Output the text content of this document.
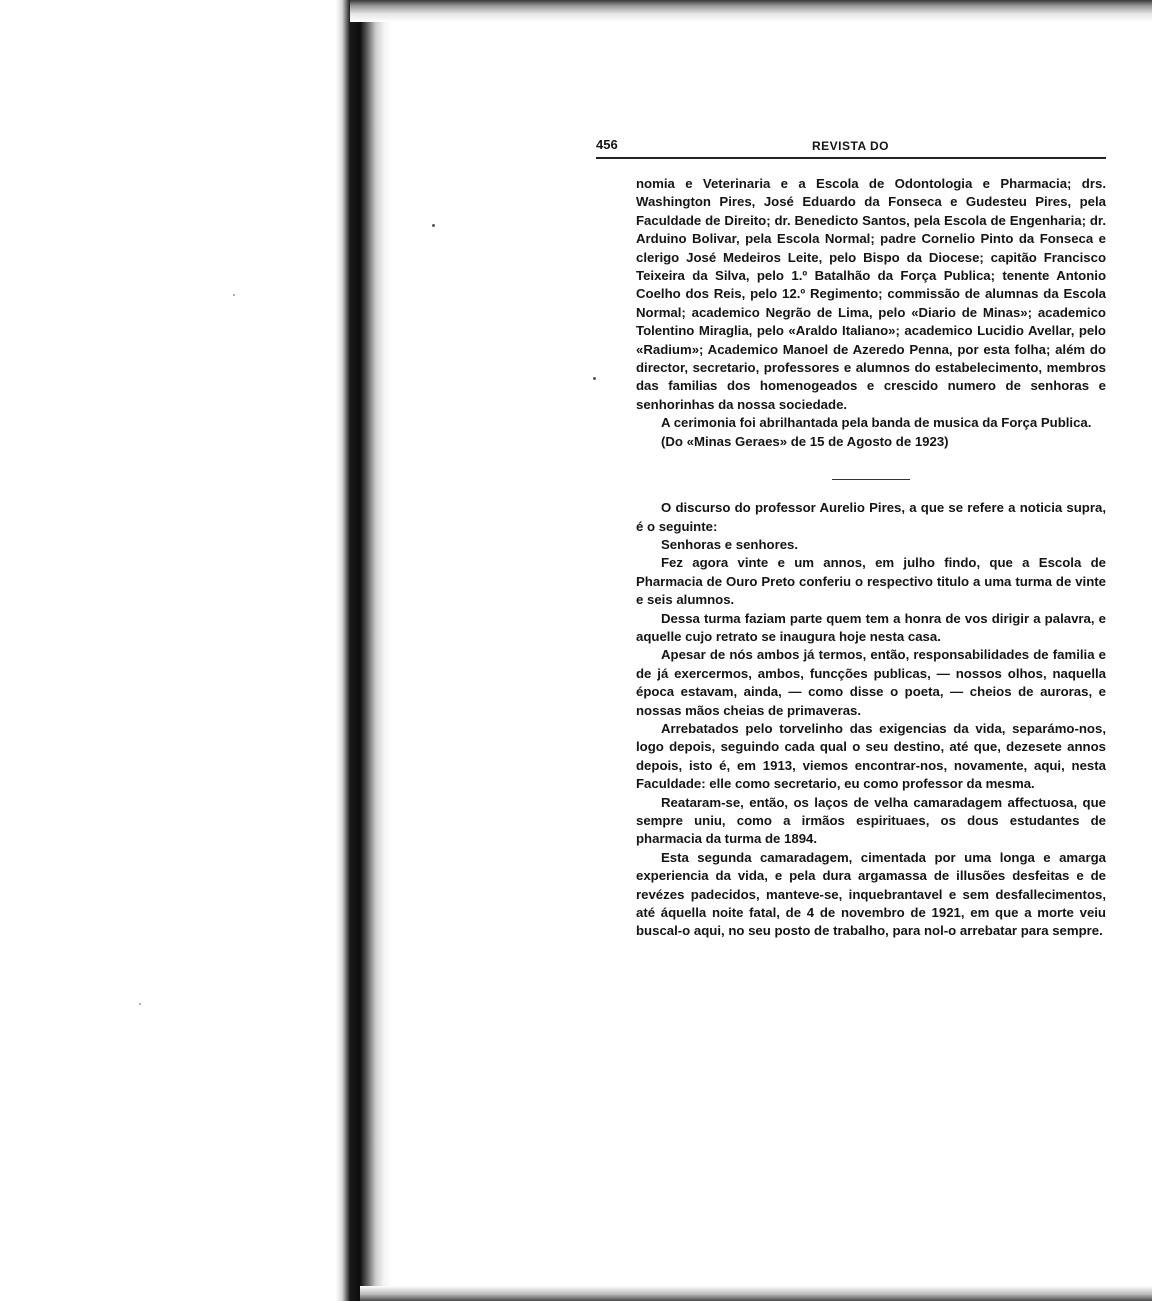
456	REVISTA DO

nomia e Veterinaria e a Escola de Odontologia e Pharmacia; drs. Washington Pires, José Eduardo da Fonseca e Gudesteu Pires, pela Faculdade de Direito; dr. Benedicto Santos, pela Escola de Engenharia; dr. Arduino Bolivar, pela Escola Normal; padre Cornelio Pinto da Fonseca e clerigo José Medeiros Leite, pelo Bispo da Diocese; capitão Francisco Teixeira da Silva, pelo 1.º Batalhão da Força Publica; tenente Antonio Coelho dos Reis, pelo 12.º Regimento; commissão de alumnas da Escola Normal; academico Negrão de Lima, pelo «Diario de Minas»; academico Tolentino Miraglia, pelo «Araldo Italiano»; academico Lucidio Avellar, pelo «Radium»; Academico Manoel de Azeredo Penna, por esta folha; além do director, secretario, professores e alumnos do estabelecimento, membros das familias dos homenogeados e crescido numero de senhoras e senhorinhas da nossa sociedade.

A cerimonia foi abrilhantada pela banda de musica da Força Publica.

(Do «Minas Geraes» de 15 de Agosto de 1923)

O discurso do professor Aurelio Pires, a que se refere a noticia supra, é o seguinte:

Senhoras e senhores.

Fez agora vinte e um annos, em julho findo, que a Escola de Pharmacia de Ouro Preto conferiu o respectivo titulo a uma turma de vinte e seis alumnos.

Dessa turma faziam parte quem tem a honra de vos dirigir a palavra, e aquelle cujo retrato se inaugura hoje nesta casa.

Apesar de nós ambos já termos, então, responsabilidades de familia e de já exercermos, ambos, funcções publicas, — nossos olhos, naquella época estavam, ainda, — como disse o poeta, — cheios de auroras, e nossas mãos cheias de primaveras.

Arrebatados pelo torvelinho das exigencias da vida, separámo-nos, logo depois, seguindo cada qual o seu destino, até que, dezesete annos depois, isto é, em 1913, viemos encontrar-nos, novamente, aqui, nesta Faculdade: elle como secretario, eu como professor da mesma.

Reataram-se, então, os laços de velha camaradagem affectuosa, que sempre uniu, como a irmãos espirituaes, os dous estudantes de pharmacia da turma de 1894.

Esta segunda camaradagem, cimentada por uma longa e amarga experiencia da vida, e pela dura argamassa de illusões desfeitas e de revézes padecidos, manteve-se, inquebrantavel e sem desfallecimentos, até áquella noite fatal, de 4 de novembro de 1921, em que a morte veiu buscal-o aqui, no seu posto de trabalho, para nol-o arrebatar para sempre.
